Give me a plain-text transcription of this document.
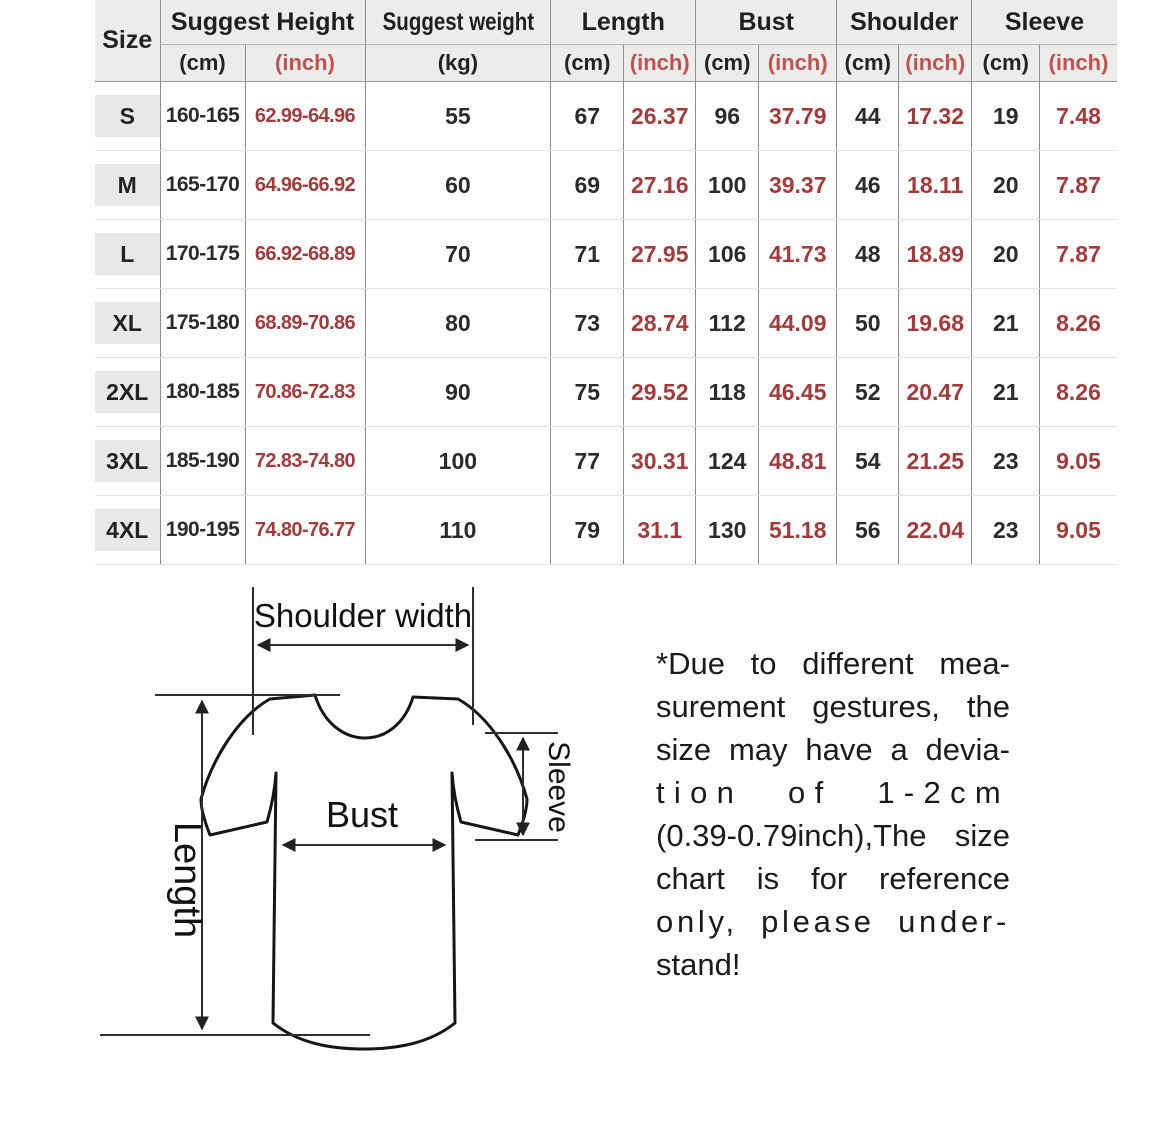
Size	Suggest Height		Suggest weight	Length		Bust		Shoulder		Sleeve	
	(cm)	(inch)	(kg)	(cm)	(inch)	(cm)	(inch)	(cm)	(inch)	(cm)	(inch)

S	160-165	62.99-64.96	55	67	26.37	96	37.79	44	17.32	19	7.48

M	165-170	64.96-66.92	60	69	27.16	100	39.37	46	18.11	20	7.87

L	170-175	66.92-68.89	70	71	27.95	106	41.73	48	18.89	20	7.87

XL	175-180	68.89-70.86	80	73	28.74	112	44.09	50	19.68	21	8.26

2XL	180-185	70.86-72.83	90	75	29.52	118	46.45	52	20.47	21	8.26

3XL	185-190	72.83-74.80	100	77	30.31	124	48.81	54	21.25	23	9.05

4XL	190-195	74.80-76.77	110	79	31.1	130	51.18	56	22.04	23	9.05
Shoulder width
Length
Bust	Sleeve
*Due to different mea-
surement gestures, the
size may have a devia-
tion of 1-2cm
(0.39-0.79inch),The size
chart is for reference
only, please under-
stand!
